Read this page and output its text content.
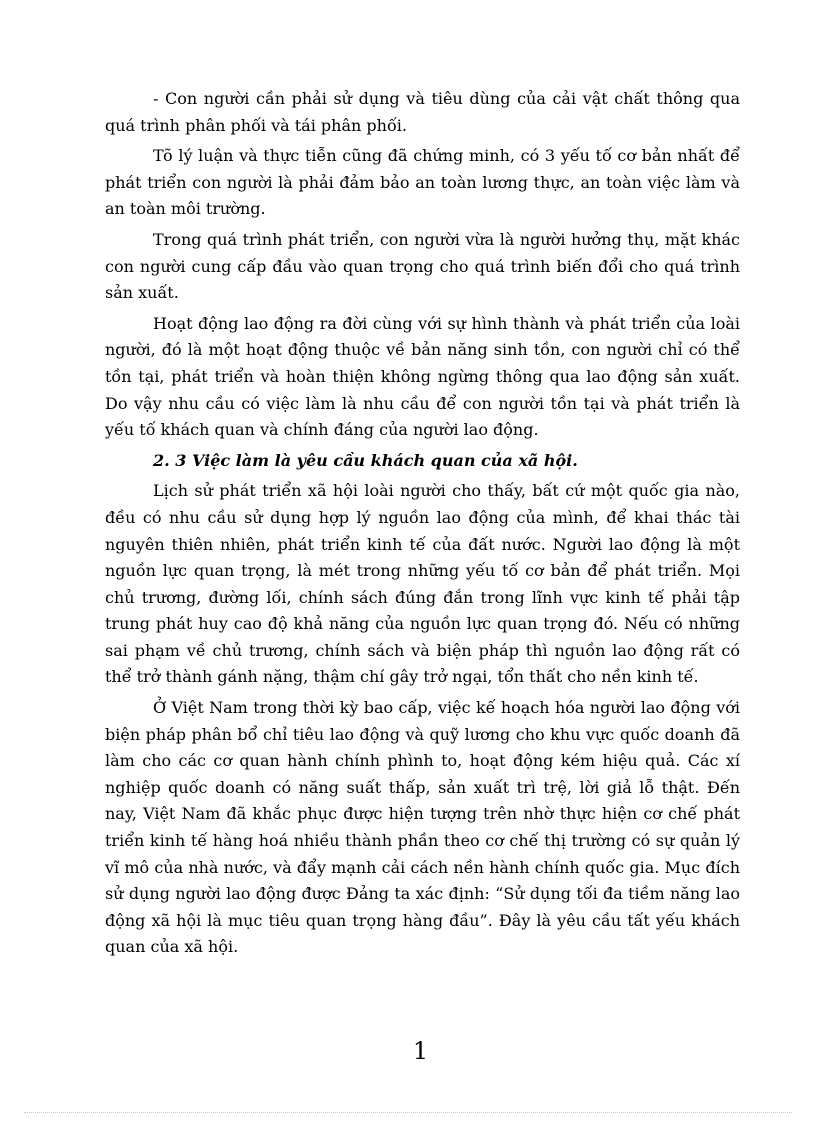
- Con người cần phải sử dụng và tiêu dùng của cải vật chất thông qua quá trình phân phối và tái phân phối.

Tõ lý luận và thực tiễn cũng đã chứng minh, có 3 yếu tố cơ bản nhất để phát triển con người là phải đảm bảo an toàn lương thực, an toàn việc làm và an toàn môi trường.

Trong quá trình phát triển, con người vừa là người hưởng thụ, mặt khác con người cung cấp đầu vào quan trọng cho quá trình biến đổi cho quá trình sản xuất.

Hoạt động lao động ra đời cùng với sự hình thành và phát triển của loài người, đó là một hoạt động thuộc về bản năng sinh tồn, con người chỉ có thể tồn tại, phát triển và hoàn thiện không ngừng thông qua lao động sản xuất. Do vậy nhu cầu có việc làm là nhu cầu để con người tồn tại và phát triển là yếu tố khách quan và chính đáng của người lao động.

2. 3 Việc làm là yêu cầu khách quan của xã hội.

Lịch sử phát triển xã hội loài người cho thấy, bất cứ một quốc gia nào, đều có nhu cầu sử dụng hợp lý nguồn lao động của mình, để khai thác tài nguyên thiên nhiên, phát triển kinh tế của đất nước. Người lao động là một nguồn lực quan trọng, là mét trong những yếu tố cơ bản để phát triển. Mọi chủ trương, đường lối, chính sách đúng đắn trong lĩnh vực kinh tế phải tập trung phát huy cao độ khả năng của nguồn lực quan trọng đó. Nếu có những sai phạm về chủ trương, chính sách và biện pháp thì nguồn lao động rất có thể trở thành gánh nặng, thậm chí gây trở ngại, tổn thất cho nền kinh tế.

Ở Việt Nam trong thời kỳ bao cấp, việc kế hoạch hóa người lao động với biện pháp phân bổ chỉ tiêu lao động và quỹ lương cho khu vực quốc doanh đã làm cho các cơ quan hành chính phình to, hoạt động kém hiệu quả. Các xí nghiệp quốc doanh có năng suất thấp, sản xuất trì trệ, lời giả lỗ thật. Đến nay, Việt Nam đã khắc phục được hiện tượng trên nhờ thực hiện cơ chế phát triển kinh tế hàng hoá nhiều thành phần theo cơ chế thị trường có sự quản lý vĩ mô của nhà nước, và đẩy mạnh cải cách nền hành chính quốc gia. Mục đích sử dụng người lao động được Đảng ta xác định: “Sử dụng tối đa tiềm năng lao động xã hội là mục tiêu quan trọng hàng đầu”. Đây là yêu cầu tất yếu khách quan của xã hội.

1
